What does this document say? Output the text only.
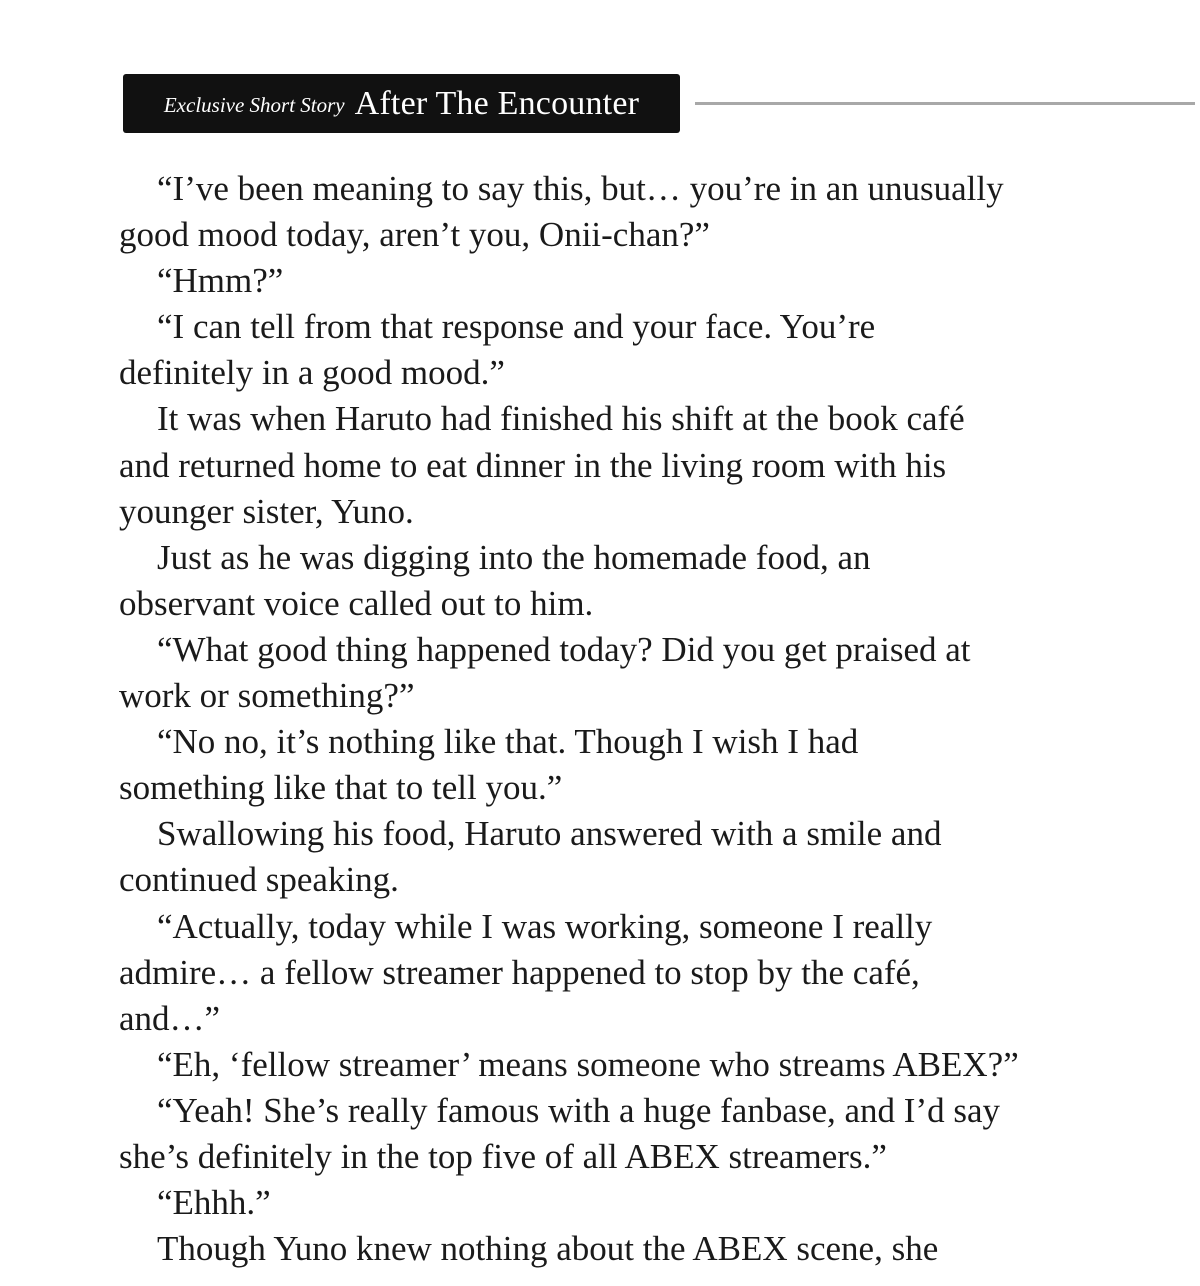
Exclusive Short Story After The Encounter
“I’ve been meaning to say this, but… you’re in an unusually
good mood today, aren’t you, Onii-chan?”
“Hmm?”
“I can tell from that response and your face. You’re
definitely in a good mood.”
It was when Haruto had finished his shift at the book café
and returned home to eat dinner in the living room with his
younger sister, Yuno.
Just as he was digging into the homemade food, an
observant voice called out to him.
“What good thing happened today? Did you get praised at
work or something?”
“No no, it’s nothing like that. Though I wish I had
something like that to tell you.”
Swallowing his food, Haruto answered with a smile and
continued speaking.
“Actually, today while I was working, someone I really
admire… a fellow streamer happened to stop by the café,
and…”
“Eh, ‘fellow streamer’ means someone who streams ABEX?”
“Yeah! She’s really famous with a huge fanbase, and I’d say
she’s definitely in the top five of all ABEX streamers.”
“Ehhh.”
Though Yuno knew nothing about the ABEX scene, she
